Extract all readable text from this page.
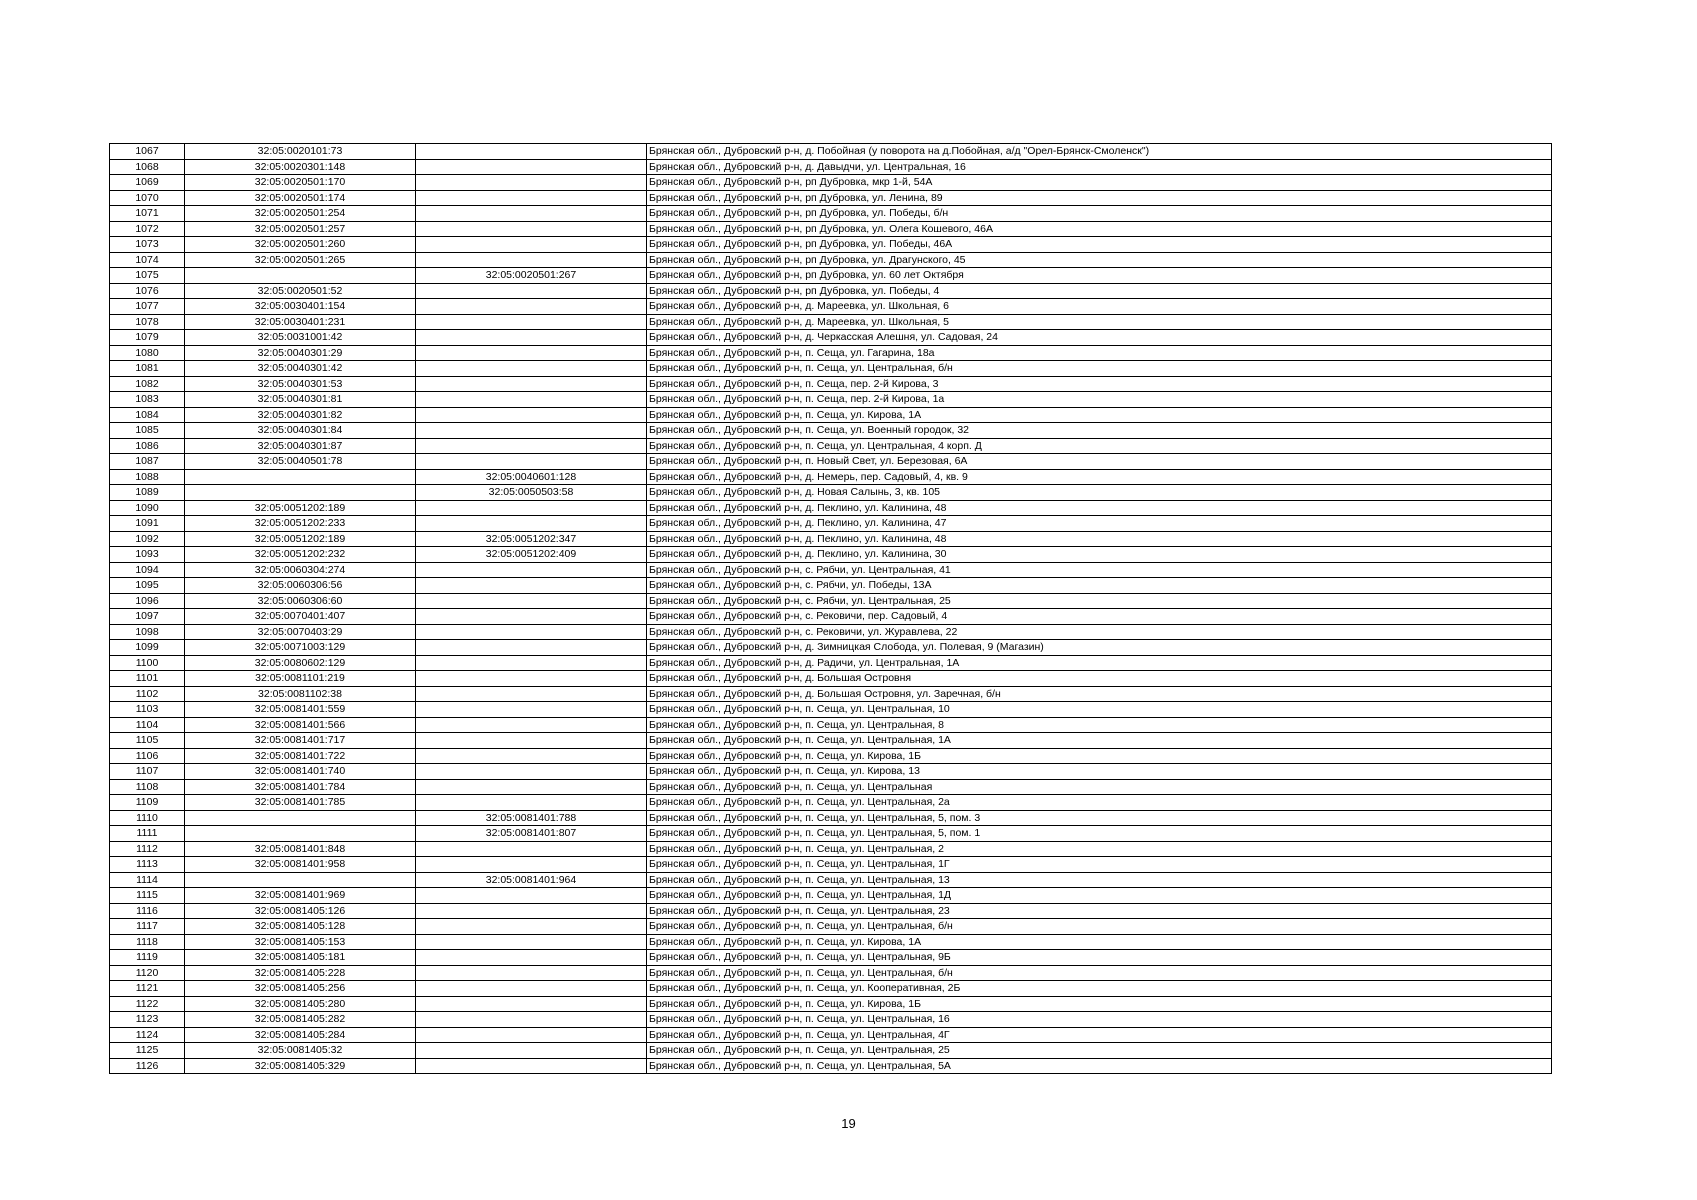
1067	32:05:0020101:73		Брянская обл., Дубровский р-н, д. Побойная (у поворота на д.Побойная, а/д "Орел-Брянск-Смоленск")
1068	32:05:0020301:148		Брянская обл., Дубровский р-н, д. Давыдчи, ул. Центральная, 16
1069	32:05:0020501:170		Брянская обл., Дубровский р-н, рп Дубровка, мкр 1-й, 54А
1070	32:05:0020501:174		Брянская обл., Дубровский р-н, рп Дубровка, ул. Ленина, 89
1071	32:05:0020501:254		Брянская обл., Дубровский р-н, рп Дубровка, ул. Победы, б/н
1072	32:05:0020501:257		Брянская обл., Дубровский р-н, рп Дубровка, ул. Олега Кошевого, 46А
1073	32:05:0020501:260		Брянская обл., Дубровский р-н, рп Дубровка, ул. Победы, 46А
1074	32:05:0020501:265		Брянская обл., Дубровский р-н, рп Дубровка, ул. Драгунского, 45
1075		32:05:0020501:267	Брянская обл., Дубровский р-н, рп Дубровка, ул. 60 лет Октября
1076	32:05:0020501:52		Брянская обл., Дубровский р-н, рп Дубровка, ул. Победы, 4
1077	32:05:0030401:154		Брянская обл., Дубровский р-н, д. Мареевка, ул. Школьная, 6
1078	32:05:0030401:231		Брянская обл., Дубровский р-н, д. Мареевка, ул. Школьная, 5
1079	32:05:0031001:42		Брянская обл., Дубровский р-н, д. Черкасская Алешня, ул. Садовая, 24
1080	32:05:0040301:29		Брянская обл., Дубровский р-н, п. Сеща, ул. Гагарина, 18а
1081	32:05:0040301:42		Брянская обл., Дубровский р-н, п. Сеща, ул. Центральная, б/н
1082	32:05:0040301:53		Брянская обл., Дубровский р-н, п. Сеща, пер. 2-й Кирова, 3
1083	32:05:0040301:81		Брянская обл., Дубровский р-н, п. Сеща, пер. 2-й Кирова, 1а
1084	32:05:0040301:82		Брянская обл., Дубровский р-н, п. Сеща, ул. Кирова, 1А
1085	32:05:0040301:84		Брянская обл., Дубровский р-н, п. Сеща, ул. Военный городок, 32
1086	32:05:0040301:87		Брянская обл., Дубровский р-н, п. Сеща, ул. Центральная, 4 корп. Д
1087	32:05:0040501:78		Брянская обл., Дубровский р-н, п. Новый Свет, ул. Березовая, 6А
1088		32:05:0040601:128	Брянская обл., Дубровский р-н, д. Немерь, пер. Садовый, 4, кв. 9
1089		32:05:0050503:58	Брянская обл., Дубровский р-н, д. Новая Салынь, 3, кв. 105
1090	32:05:0051202:189		Брянская обл., Дубровский р-н, д. Пеклино, ул. Калинина, 48
1091	32:05:0051202:233		Брянская обл., Дубровский р-н, д. Пеклино, ул. Калинина, 47
1092	32:05:0051202:189	32:05:0051202:347	Брянская обл., Дубровский р-н, д. Пеклино, ул. Калинина, 48
1093	32:05:0051202:232	32:05:0051202:409	Брянская обл., Дубровский р-н, д. Пеклино, ул. Калинина, 30
1094	32:05:0060304:274		Брянская обл., Дубровский р-н, с. Рябчи, ул. Центральная, 41
1095	32:05:0060306:56		Брянская обл., Дубровский р-н, с. Рябчи, ул. Победы, 13А
1096	32:05:0060306:60		Брянская обл., Дубровский р-н, с. Рябчи, ул. Центральная, 25
1097	32:05:0070401:407		Брянская обл., Дубровский р-н, с. Рековичи, пер. Садовый, 4
1098	32:05:0070403:29		Брянская обл., Дубровский р-н, с. Рековичи, ул. Журавлева, 22
1099	32:05:0071003:129		Брянская обл., Дубровский р-н, д. Зимницкая Слобода, ул. Полевая, 9 (Магазин)
1100	32:05:0080602:129		Брянская обл., Дубровский р-н, д. Радичи, ул. Центральная, 1А
1101	32:05:0081101:219		Брянская обл., Дубровский р-н, д. Большая Островня
1102	32:05:0081102:38		Брянская обл., Дубровский р-н, д. Большая Островня, ул. Заречная, б/н
1103	32:05:0081401:559		Брянская обл., Дубровский р-н, п. Сеща, ул. Центральная, 10
1104	32:05:0081401:566		Брянская обл., Дубровский р-н, п. Сеща, ул. Центральная, 8
1105	32:05:0081401:717		Брянская обл., Дубровский р-н, п. Сеща, ул. Центральная, 1А
1106	32:05:0081401:722		Брянская обл., Дубровский р-н, п. Сеща, ул. Кирова, 1Б
1107	32:05:0081401:740		Брянская обл., Дубровский р-н, п. Сеща, ул. Кирова, 13
1108	32:05:0081401:784		Брянская обл., Дубровский р-н, п. Сеща, ул. Центральная
1109	32:05:0081401:785		Брянская обл., Дубровский р-н, п. Сеща, ул. Центральная, 2а
1110		32:05:0081401:788	Брянская обл., Дубровский р-н, п. Сеща, ул. Центральная, 5, пом. 3
1111		32:05:0081401:807	Брянская обл., Дубровский р-н, п. Сеща, ул. Центральная, 5, пом. 1
1112	32:05:0081401:848		Брянская обл., Дубровский р-н, п. Сеща, ул. Центральная, 2
1113	32:05:0081401:958		Брянская обл., Дубровский р-н, п. Сеща, ул. Центральная, 1Г
1114		32:05:0081401:964	Брянская обл., Дубровский р-н, п. Сеща, ул. Центральная, 13
1115	32:05:0081401:969		Брянская обл., Дубровский р-н, п. Сеща, ул. Центральная, 1Д
1116	32:05:0081405:126		Брянская обл., Дубровский р-н, п. Сеща, ул. Центральная, 23
1117	32:05:0081405:128		Брянская обл., Дубровский р-н, п. Сеща, ул. Центральная, б/н
1118	32:05:0081405:153		Брянская обл., Дубровский р-н, п. Сеща, ул. Кирова, 1А
1119	32:05:0081405:181		Брянская обл., Дубровский р-н, п. Сеща, ул. Центральная, 9Б
1120	32:05:0081405:228		Брянская обл., Дубровский р-н, п. Сеща, ул. Центральная, б/н
1121	32:05:0081405:256		Брянская обл., Дубровский р-н, п. Сеща, ул. Кооперативная, 2Б
1122	32:05:0081405:280		Брянская обл., Дубровский р-н, п. Сеща, ул. Кирова, 1Б
1123	32:05:0081405:282		Брянская обл., Дубровский р-н, п. Сеща, ул. Центральная, 16
1124	32:05:0081405:284		Брянская обл., Дубровский р-н, п. Сеща, ул. Центральная, 4Г
1125	32:05:0081405:32		Брянская обл., Дубровский р-н, п. Сеща, ул. Центральная, 25
1126	32:05:0081405:329		Брянская обл., Дубровский р-н, п. Сеща, ул. Центральная, 5А
19
